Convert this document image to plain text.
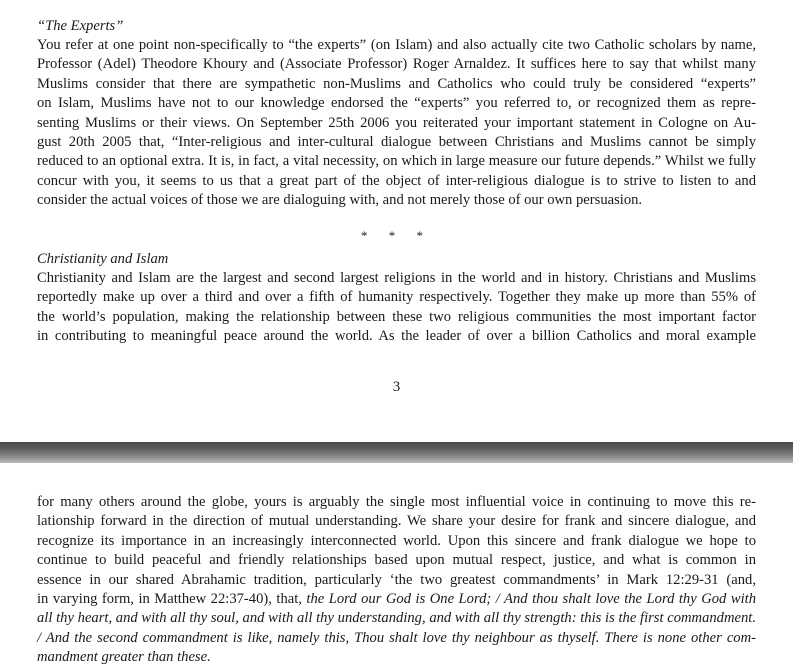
“The Experts”
You refer at one point non-specifically to “the experts” (on Islam) and also actually cite two Catholic scholars by name,
Professor (Adel) Theodore Khoury and (Associate Professor) Roger Arnaldez. It suffices here to say that whilst many
Muslims consider that there are sympathetic non-Muslims and Catholics who could truly be considered “experts”
on Islam, Muslims have not to our knowledge endorsed the “experts” you referred to, or recognized them as repre-
senting Muslims or their views. On September 25th 2006 you reiterated your important statement in Cologne on Au-
gust 20th 2005 that, “Inter-religious and inter-cultural dialogue between Christians and Muslims cannot be simply
reduced to an optional extra. It is, in fact, a vital necessity, on which in large measure our future depends.” Whilst we fully
concur with you, it seems to us that a great part of the object of inter-religious dialogue is to strive to listen to and
consider the actual voices of those we are dialoguing with, and not merely those of our own persuasion.
* * *
Christianity and Islam
Christianity and Islam are the largest and second largest religions in the world and in history. Christians and Muslims
reportedly make up over a third and over a fifth of humanity respectively. Together they make up more than 55% of
the world’s population, making the relationship between these two religious communities the most important factor
in contributing to meaningful peace around the world. As the leader of over a billion Catholics and moral example
3
for many others around the globe, yours is arguably the single most influential voice in continuing to move this re-
lationship forward in the direction of mutual understanding. We share your desire for frank and sincere dialogue, and
recognize its importance in an increasingly interconnected world. Upon this sincere and frank dialogue we hope to
continue to build peaceful and friendly relationships based upon mutual respect, justice, and what is common in
essence in our shared Abrahamic tradition, particularly ‘the two greatest commandments’ in Mark 12:29-31 (and,
in varying form, in Matthew 22:37-40), that, the Lord our God is One Lord; / And thou shalt love the Lord thy God with
all thy heart, and with all thy soul, and with all thy understanding, and with all thy strength: this is the first commandment.
/ And the second commandment is like, namely this, Thou shalt love thy neighbour as thyself. There is none other com-
mandment greater than these.
